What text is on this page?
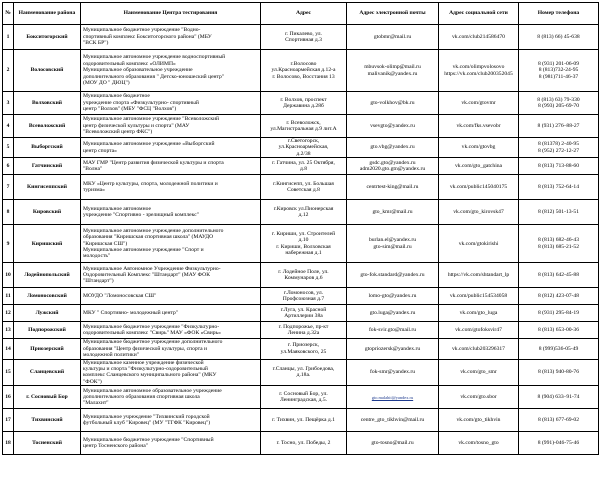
№	Наименование района	Наименование Центра тестирования	Адрес	Адрес электронной почты	Адрес социальной сети	Номер телефона
1	Бокситогорский	Муниципальное бюджетное учреждение "Водно-
спортивный комплекс Бокситогорского района" (МБУ
"ВСК БР")	г. Пикалево, ул.
Спортивная д.3	gtobmr@mail.ru	vk.com/club214586470	8 (813) 66) 45-638

2	Волосовский	Муниципальное автономное учреждение водноспортивный
оздоровительный комплекс «ОЛИМП»
Муниципальное образовательное учреждение
дополнительного образования " Детско-юношеский центр"
(МОУ ДО " ДЮЦ")	г.Волосово
ул.Красноармейская д.12-а
г. Волосово, Восстания 13	mbuvsok-olimp@mail.ru
malivanik@yandex.ru	vk.com/olimpvolosovo
https://vk.com/club200352045	8 (931) 201-06-09
8 (813)732-24-95
8 (981)711-46-37

3	Волховский	Муниципальное бюджетное
учреждение спорта «Физкультурно- спортивный
центр "Волхов" (МБУ "ФСЦ "Волхов")	г. Волхов, проспект
Державина д.28б	gto-volkhov@bk.ru	vk.com/gtovmr	8 (813) 63) 79-330
8 (993) 205-69-70

4	Всеволожский	Муниципальное автономное учреждение "Всеволожский
центр физической культуры и спорта" (МАУ
"Всеволожский центр ФКС")	г. Всеволожск,
ул.Магистральная д.9 лит.А	vsevgto@yandex.ru	vk.com/fks.vsevobr	8 (931) 276–88-27

5	Выборгский	Муниципальное автономное учреждение «Выборгский
центр спорта»	г.Светогорск,
ул.Красноармейская,
д.2/38	gto.vbg@yandex.ru	vk.com/gtovbg	8 (81378) 2-40-95
8 (952) 272-12-27

6	Гатчинский	МАУ ГМР "Центр развития физической культуры и спорта
"Волна"	г. Гатчина, ул. 25 Октября,
д.8	gsdc.gto@yandex.ru
adm2020.gto.gtn@yandex.ru	vk.com/gto_gatchina	8 (813) 713-88-60

7	Кингисеппский	МКУ «Центр культуры, спорта, молодежной политики и
туризма»	г.Кингисепп, ул. Большая
Советская д.8	centrtest-king@mail.ru	vk.com/public145040175	8 (813) 752-64-14

8	Кировский	Муниципальное автономное
учреждение "Спортивно - зрелищный комплекс"	г.Кировск ул.Пионерская
д.12	gto_kmr@mail.ru	vk.com/gto_kirovsk47	8 (812) 501-13-51

9	Киришский	Муниципальное автономное учреждение дополнительного
образования "Киришская спортивная школа" (МАУДО
"Киришская СШ")
Муниципальное автономное учреждение "Спорт и
молодость"	г. Кириши, ул. Строителей
д.10
г. Кириши, Волховская
набережная д.1	burlan.el@yandex.ru
gto-sim@mail.ru	vk.com/gtokirishi	8 (813) 682-46-43
8 (813) 685-21-52

10	Лодейнопольский	Муниципальное Автономное Учреждение Физкультурно-
Оздоровительный Комплекс "Штандарт" (МАУ ФОК
"Штандарт")	г. Лодейное Поле, ул.
Коммунаров д.6	gto-fok.standard@yandex.ru	https://vk.com/shtandart_lp	8 (813) 642-45-88

11	Ломоносовский	МОУДО "Ломоносовская СШ"	г.Ломоносов, ул.
Профсоюзная д.7	lomo-gto@yandex.ru	vk.com/public154534058	8 (812) 423-07-48

12	Лужский	МКУ " Спортивно- молодежный центр"	г.Луга, ул. Красной
Артиллерии 38а	gto.luga@yandex.ru	vk.com/gto_luga	8 (931) 295-84-19

13	Подпорожский	Муниципальное бюджетное учреждение "Физкультурно-
оздоровительный комплекс "Свирь" МАУ «ФОК «Свирь»	г. Подпорожье, пр-кт
Ленина д.32а	fok-svir.gto@mail.ru	vk.com/gtofoksvir47	8 (813) 653-00-36

14	Приозерский	Муниципальное бюджетное учреждение дополнительного
образования "Центр физической культуры, спорта и
молодежной политики"	г. Приозерск,
ул.Маяковского, 25	gtopriozersk@yandex.ru	vk.com/club203296317	8 (999)536-05-49

15	Сланцевский	Муниципальное казенное учреждение физической
культуры и спорта "Физкультурно-оздоровительный
комплекс Сланцевского муниципального района" (МКУ
"ФОК")	г.Сланцы, ул. Грибоедова,
д.18а.	fok-smr@yandex.ru	vk.com/gto_smr	8 (813) 940-80-76

16	г. Сосновый Бор	Муниципальное автономное образовательное учреждение
дополнительного образования спортивная школа
"Малахит"	г. Сосновый Бор, ул.
Ленинградская, д.5.	gto.malahit@yandex.ru	vk.com/gto.sbor	8 (904) 633–91-74

17	Тихвинский	Муниципальное учреждение "Тихвинский городской
футбольный клуб "Кировец" (МУ "ТГФК "Кировец")	г. Тихвин, ул. Пещёрка д.1	centre_gto_tikhvin@mail.ru	vk.com/gto_tikhvin	8 (813) 677-69-02

18	Тосненский	Муниципальное бюджетное учреждение "Спортивный
центр Тосненского района"	г. Тосно, ул. Победы, 2	gto-tosno@mail.ru	vk.com/tosno_gto	8 (991)-046-75-46
